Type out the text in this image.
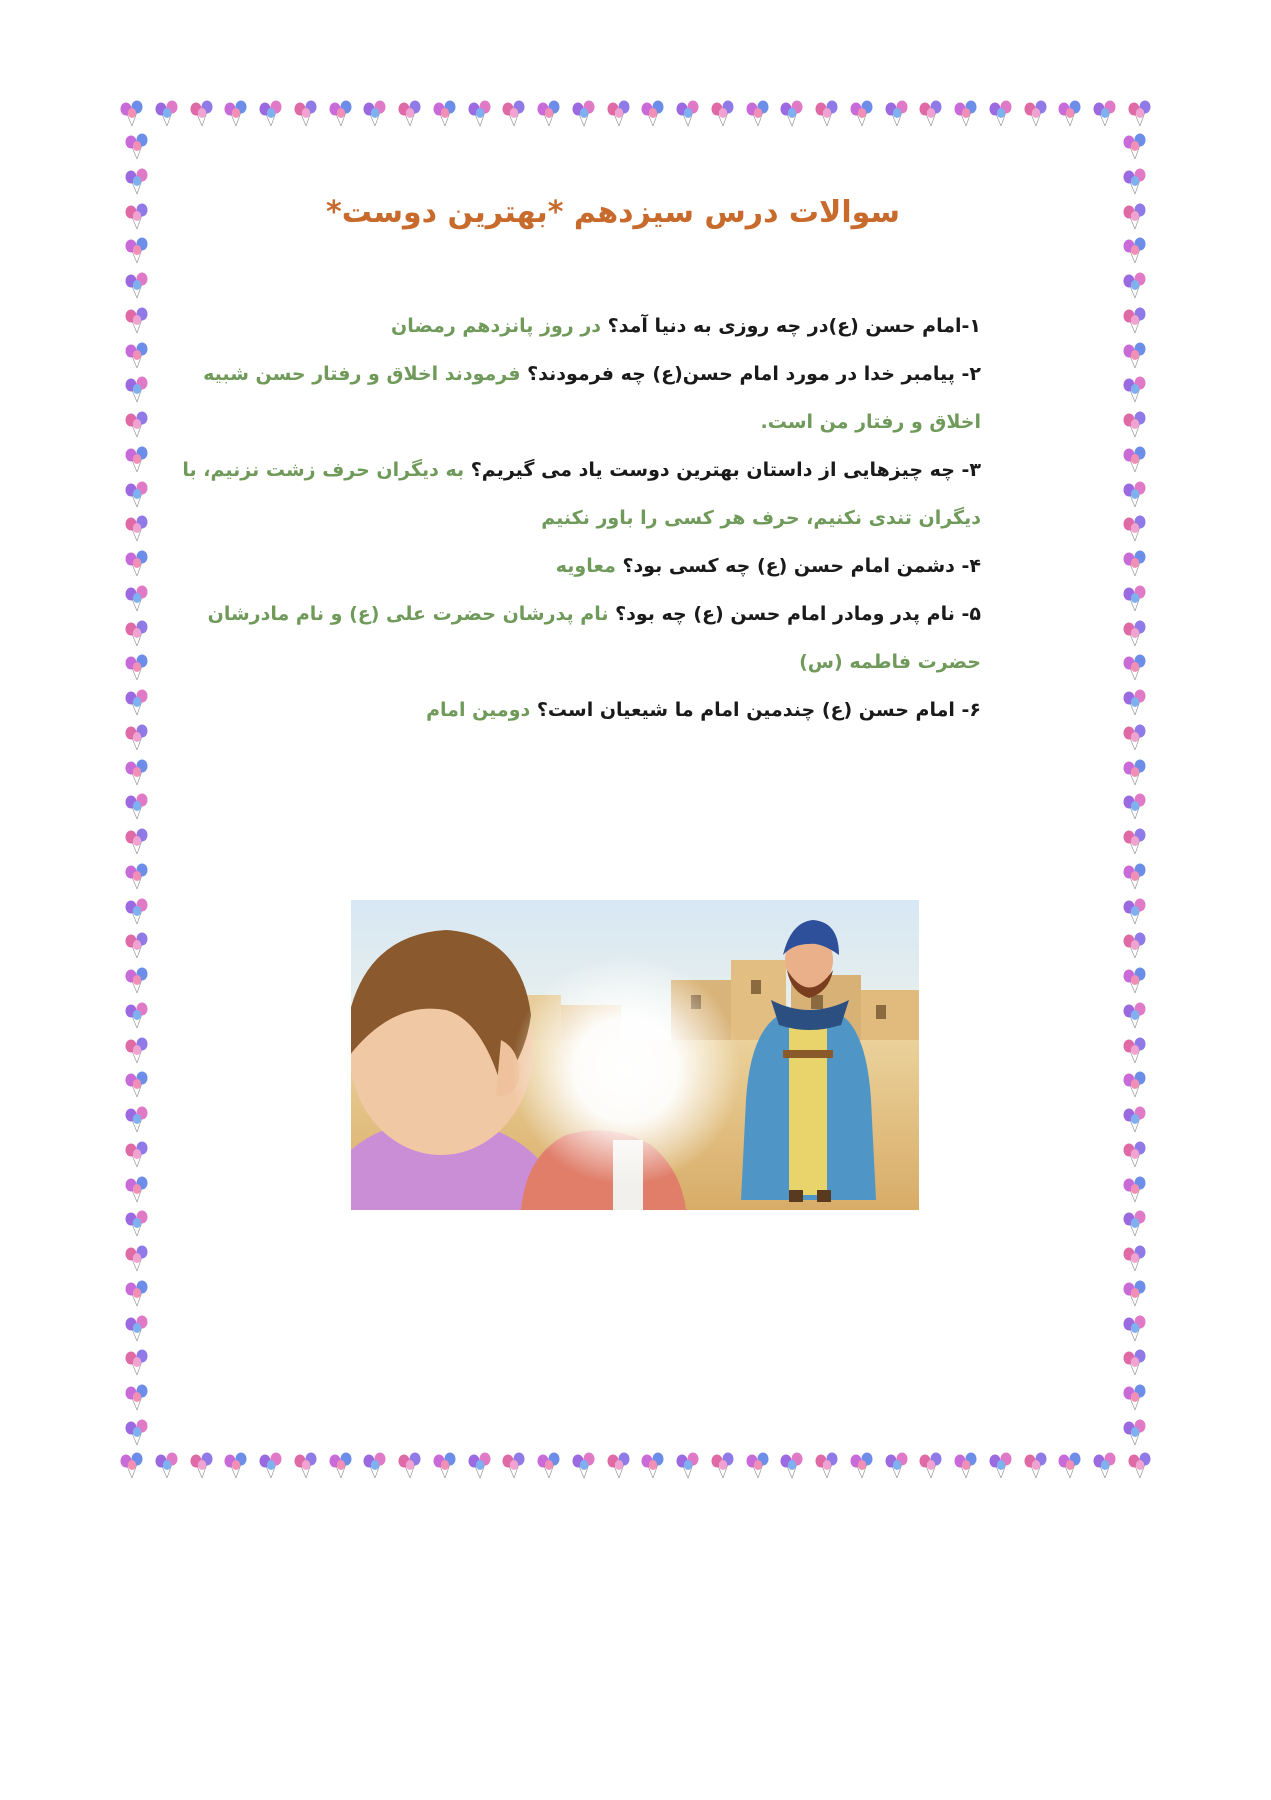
سوالات درس سیزدهم *بهترین دوست*

۱-امام حسن (ع)در چه روزی به دنیا آمد؟ در روز پانزدهم رمضان

۲- پیامبر خدا در مورد امام حسن(ع) چه فرمودند؟ فرمودند اخلاق و رفتار حسن شبیه اخلاق و رفتار من است.

۳- چه چیزهایی از داستان بهترین دوست یاد می گیریم؟ به دیگران حرف زشت نزنیم، با دیگران تندی نکنیم، حرف هر کسی را باور نکنیم

۴- دشمن امام حسن (ع) چه کسی بود؟ معاویه

۵- نام پدر ومادر امام حسن (ع) چه بود؟ نام پدرشان حضرت علی (ع) و نام مادرشان حضرت فاطمه (س)

۶- امام حسن (ع) چندمین امام ما شیعیان است؟ دومین امام
